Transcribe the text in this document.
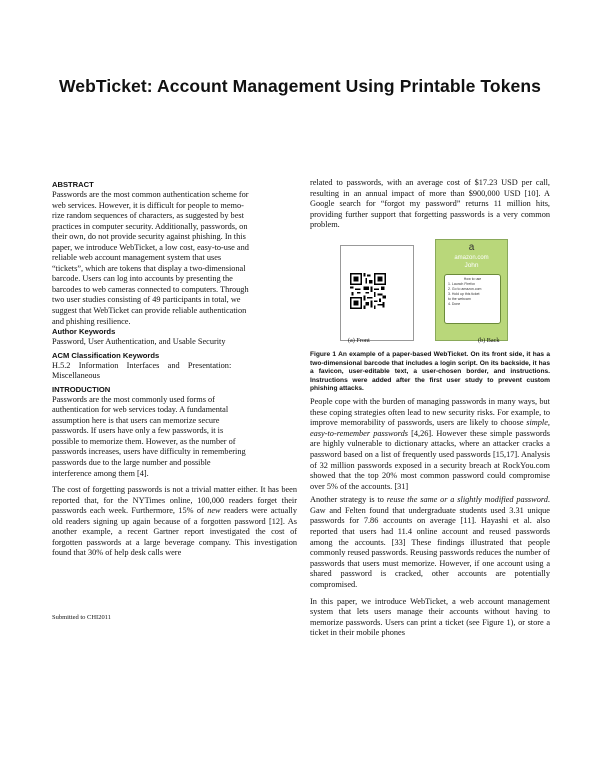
WebTicket: Account Management Using Printable Tokens
ABSTRACT

Passwords are the most common authentication scheme for

web services. However, it is difficult for people to memo-

rize random sequences of characters, as suggested by best

practices in computer security. Additionally, passwords, on

their own, do not provide security against phishing. In this

paper, we introduce WebTicket, a low cost, easy-to-use and

reliable web account management system that uses

“tickets”, which are tokens that display a two-dimensional

barcode. Users can log into accounts by presenting the

barcodes to web cameras connected to computers. Through

two user studies consisting of 49 participants in total, we

suggest that WebTicket can provide reliable authentication

and phishing resilience.

Author Keywords

Password, User Authentication, and Usable Security

ACM Classification Keywords

H.5.2    Information    Interfaces    and    Presentation:

Miscellaneous

INTRODUCTION

Passwords are the most commonly used forms of

authentication for web services today. A fundamental

assumption here is that users can memorize secure

passwords. If users have only a few passwords, it is

possible to memorize them. However, as the number of

passwords increases, users have difficulty in remembering

passwords due to the large number and possible

interference among them [4].

The cost of forgetting passwords is not a trivial matter either. It has been reported that, for the NYTimes online, 100,000 readers forget their passwords each week. Furthermore, 15% of new readers were actually old readers signing up again because of a forgotten password [12]. As another example, a recent Gartner report investigated the cost of forgotten passwords at a large beverage company. This investigation found that 30% of help desk calls were

Submitted to CHI2011

related to passwords, with an average cost of $17.23 USD per call, resulting in an annual impact of more than $900,000 USD [10]. A Google search for “forgot my password” returns 11 million hits, providing further support that forgetting passwords is a very common problem.

a
amazon.com
John
How to use
1. Launch Firefox
2. Go to amazon.com
3. Hold up this ticket
to the webcam
4. Done
(a) Front	(b) Back
Figure 1 An example of a paper-based WebTicket. On its front side, it has a two-dimensional barcode that includes a login script. On its backside, it has a favicon, user-editable text, a user-chosen border, and instructions. Instructions were added after the first user study to prevent custom phishing attacks.

People cope with the burden of managing passwords in many ways, but these coping strategies often lead to new security risks. For example, to improve memorability of passwords, users are likely to choose simple, easy-to-remember passwords [4,26]. However these simple passwords are highly vulnerable to dictionary attacks, where an attacker cracks a password based on a list of frequently used passwords [15,17]. Analysis of 32 million passwords exposed in a security breach at RockYou.com showed that the top 20% most common password could compromise over 5% of the accounts. [31]

Another strategy is to reuse the same or a slightly modified password. Gaw and Felten found that undergraduate students used 3.31 unique passwords for 7.86 accounts on average [11]. Hayashi et al. also reported that users had 11.4 online account and reused passwords among the accounts. [33] These findings illustrated that people commonly reused passwords. Reusing passwords reduces the number of passwords that users must memorize. However, if one account using a shared password is cracked, other accounts are potentially compromised.

In this paper, we introduce WebTicket, a web account management system that lets users manage their accounts without having to memorize passwords. Users can print a ticket (see Figure 1), or store a ticket in their mobile phones
